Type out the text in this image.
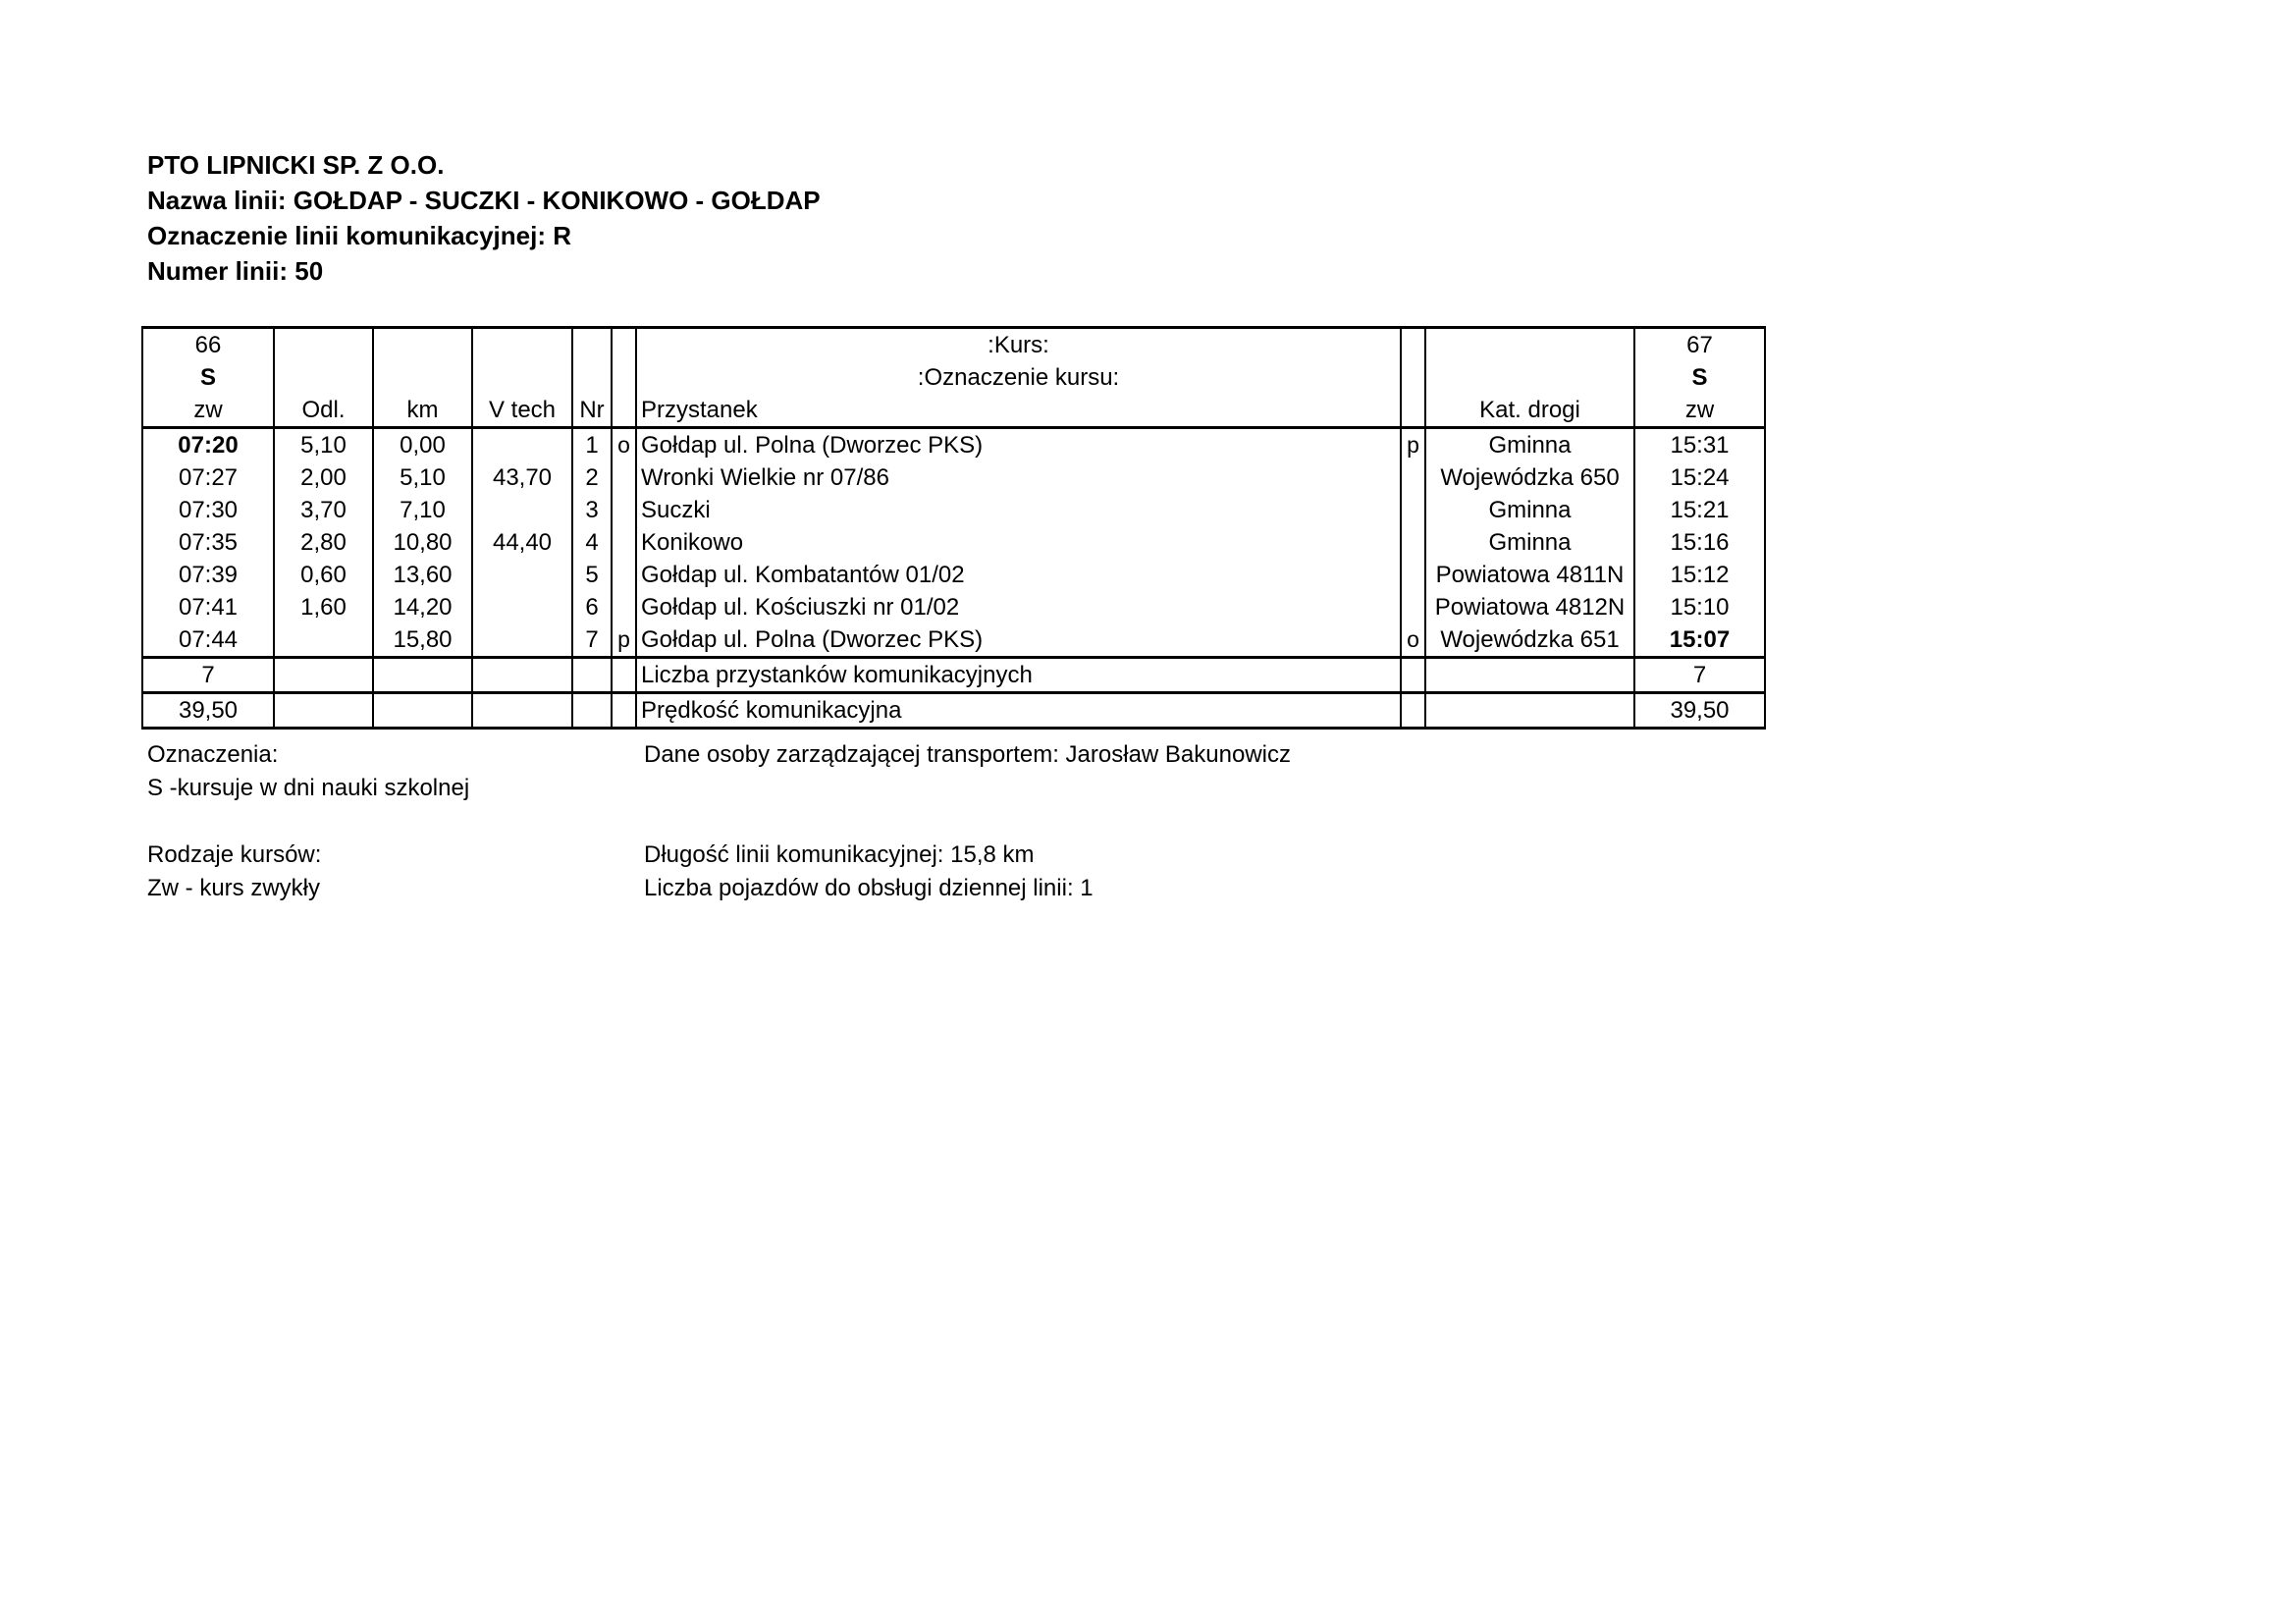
PTO LIPNICKI SP. Z O.O.
Nazwa linii: GOŁDAP - SUCZKI - KONIKOWO - GOŁDAP
Oznaczenie linii komunikacyjnej: R
Numer linii: 50
66						:Kurs:			67
S						:Oznaczenie kursu:			S
zw	Odl.	km	V tech	Nr		Przystanek		Kat. drogi	zw
07:20	5,10	0,00		1	o	Gołdap ul. Polna (Dworzec PKS)	p	Gminna	15:31
07:27	2,00	5,10	43,70	2		Wronki Wielkie nr 07/86		Wojewódzka 650	15:24
07:30	3,70	7,10		3		Suczki		Gminna	15:21
07:35	2,80	10,80	44,40	4		Konikowo		Gminna	15:16
07:39	0,60	13,60		5		Gołdap ul. Kombatantów 01/02		Powiatowa 4811N	15:12
07:41	1,60	14,20		6		Gołdap ul. Kościuszki nr 01/02		Powiatowa 4812N	15:10
07:44		15,80		7	p	Gołdap ul. Polna (Dworzec PKS)	o	Wojewódzka 651	15:07
7						Liczba przystanków komunikacyjnych			7
39,50						Prędkość komunikacyjna			39,50
Oznaczenia:
S -kursuje w dni nauki szkolnej
Rodzaje kursów:
Zw - kurs zwykły
Dane osoby zarządzającej transportem: Jarosław Bakunowicz
Długość linii komunikacyjnej: 15,8 km
Liczba pojazdów do obsługi dziennej linii: 1
